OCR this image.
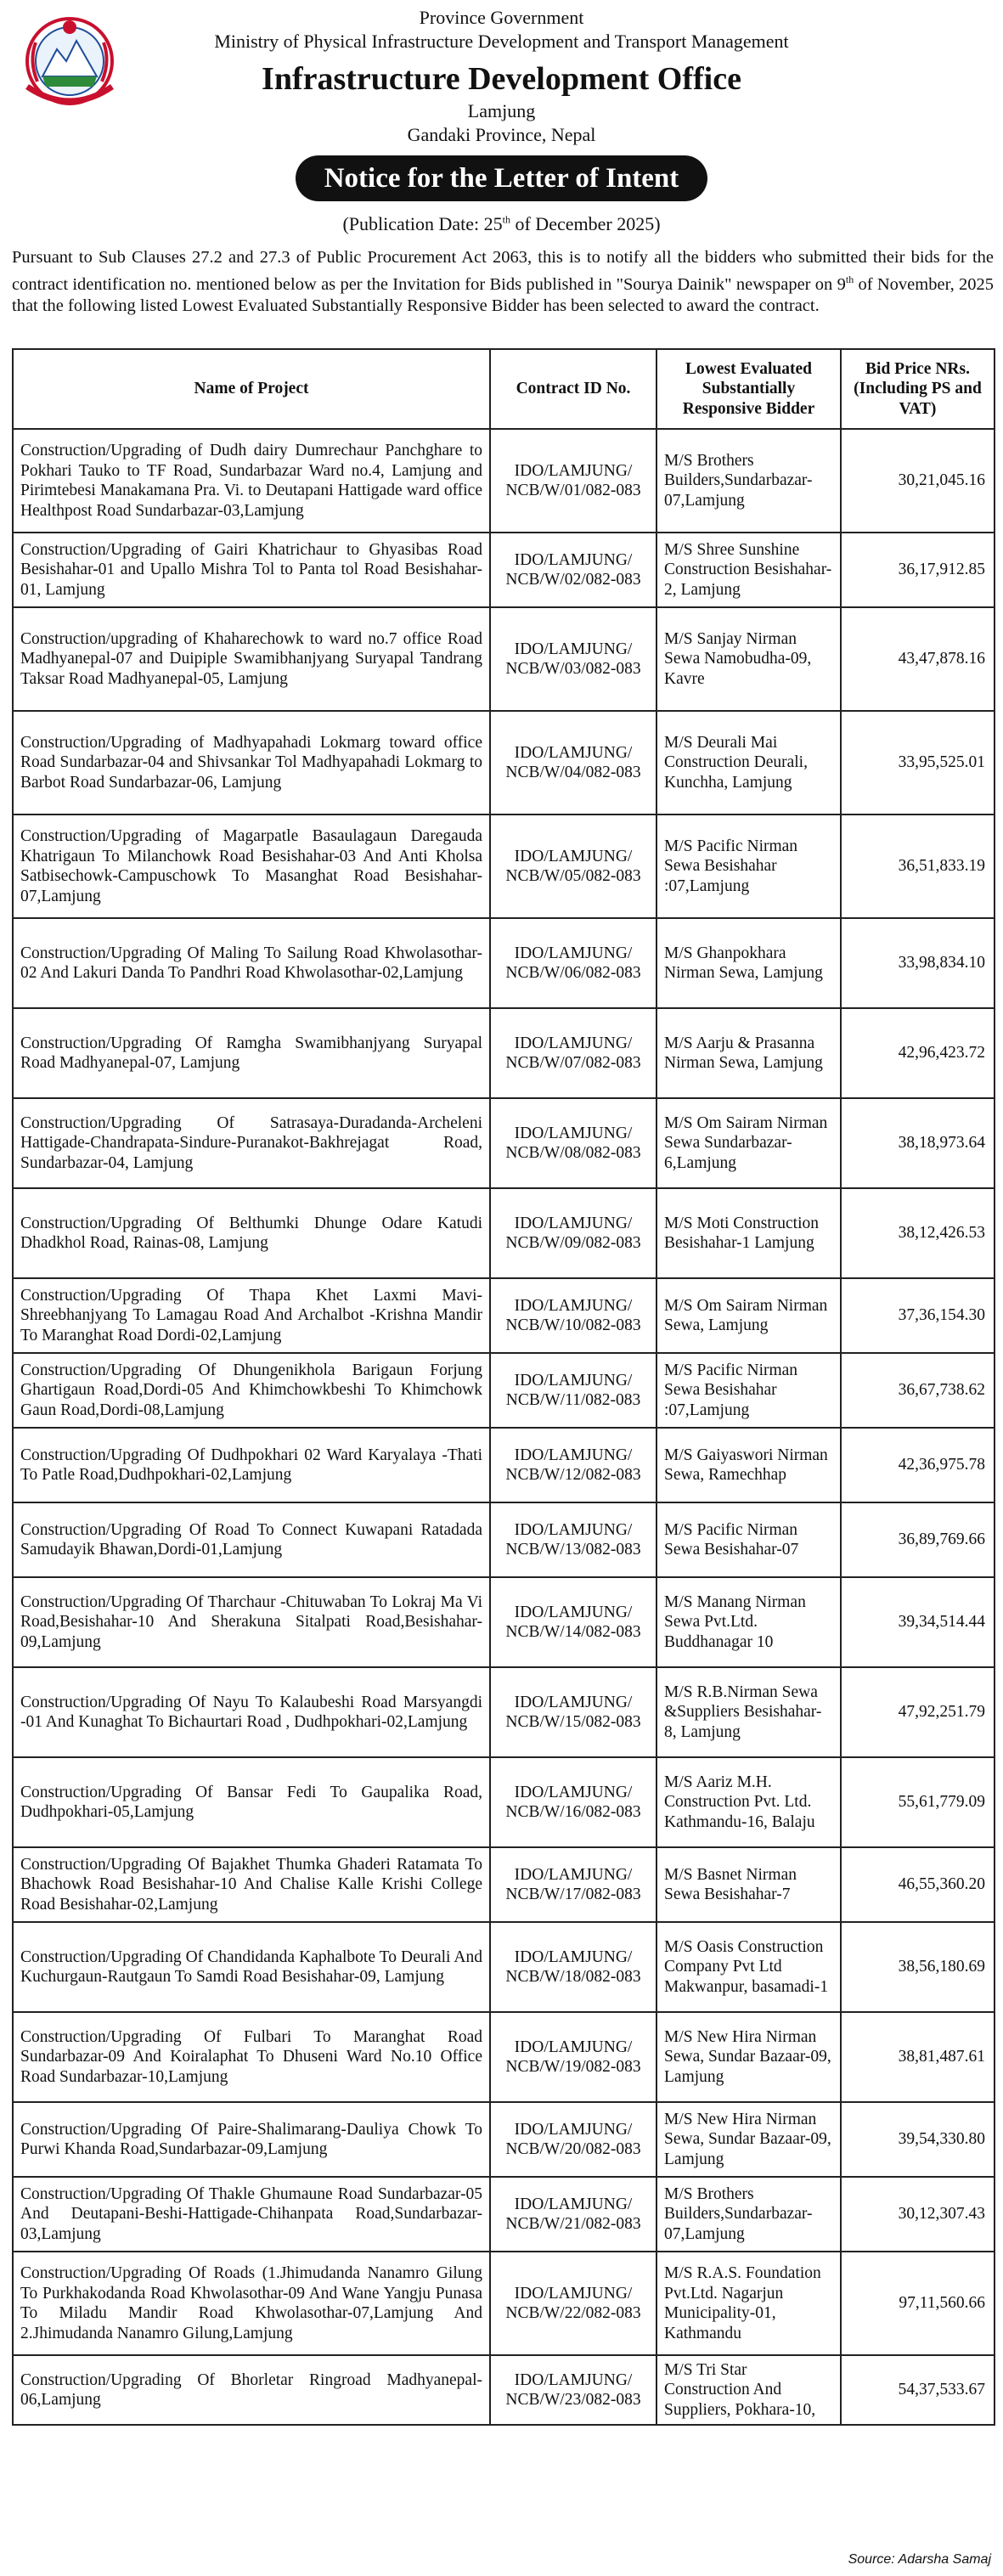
Province Government
Ministry of Physical Infrastructure Development and Transport Management
Infrastructure Development Office
Lamjung
Gandaki Province, Nepal
Notice for the Letter of Intent
(Publication Date: 25th of December 2025)
Pursuant to Sub Clauses 27.2 and 27.3 of Public Procurement Act 2063, this is to notify all the bidders who submitted their bids for the contract identification no. mentioned below as per the Invitation for Bids published in "Sourya Dainik" newspaper on 9th of November, 2025 that the following listed Lowest Evaluated Substantially Responsive Bidder has been selected to award the contract.
Name of Project	Contract ID No.	Lowest Evaluated Substantially Responsive Bidder	Bid Price NRs. (Including PS and VAT)
Construction/Upgrading of Dudh dairy Dumrechaur Panchghare to Pokhari Tauko to TF Road, Sundarbazar Ward no.4, Lamjung and Pirimtebesi Manakamana Pra. Vi. to Deutapani Hattigade ward office Healthpost Road Sundarbazar-03,Lamjung	IDO/LAMJUNG/ NCB/W/01/082-083	M/S Brothers Builders,Sundarbazar-07,Lamjung	30,21,045.16
Construction/Upgrading of Gairi Khatrichaur to Ghyasibas Road Besishahar-01 and Upallo Mishra Tol to Panta tol Road Besishahar-01, Lamjung	IDO/LAMJUNG/ NCB/W/02/082-083	M/S Shree Sunshine Construction Besishahar-2, Lamjung	36,17,912.85
Construction/upgrading of Khaharechowk to ward no.7 office Road Madhyanepal-07 and Duipiple Swamibhanjyang Suryapal Tandrang Taksar Road Madhyanepal-05, Lamjung	IDO/LAMJUNG/ NCB/W/03/082-083	M/S Sanjay Nirman Sewa Namobudha-09, Kavre	43,47,878.16
Construction/Upgrading of Madhyapahadi Lokmarg toward office Road Sundarbazar-04 and Shivsankar Tol Madhyapahadi Lokmarg to Barbot Road Sundarbazar-06, Lamjung	IDO/LAMJUNG/ NCB/W/04/082-083	M/S Deurali Mai Construction Deurali, Kunchha, Lamjung	33,95,525.01
Construction/Upgrading of Magarpatle Basaulagaun Daregauda Khatrigaun To Milanchowk Road Besishahar-03 And Anti Kholsa Satbisechowk-Campuschowk To Masanghat Road Besishahar-07,Lamjung	IDO/LAMJUNG/ NCB/W/05/082-083	M/S Pacific Nirman Sewa Besishahar :07,Lamjung	36,51,833.19
Construction/Upgrading Of Maling To Sailung Road Khwolasothar-02 And Lakuri Danda To Pandhri Road Khwolasothar-02,Lamjung	IDO/LAMJUNG/ NCB/W/06/082-083	M/S Ghanpokhara Nirman Sewa, Lamjung	33,98,834.10
Construction/Upgrading Of Ramgha Swamibhanjyang Suryapal Road Madhyanepal-07, Lamjung	IDO/LAMJUNG/ NCB/W/07/082-083	M/S Aarju & Prasanna Nirman Sewa, Lamjung	42,96,423.72
Construction/Upgrading Of Satrasaya-Duradanda-Archeleni Hattigade-Chandrapata-Sindure-Puranakot-Bakhrejagat Road, Sundarbazar-04, Lamjung	IDO/LAMJUNG/ NCB/W/08/082-083	M/S Om Sairam Nirman Sewa Sundarbazar-6,Lamjung	38,18,973.64
Construction/Upgrading Of Belthumki Dhunge Odare Katudi Dhadkhol Road, Rainas-08, Lamjung	IDO/LAMJUNG/ NCB/W/09/082-083	M/S Moti Construction Besishahar-1 Lamjung	38,12,426.53
Construction/Upgrading Of Thapa Khet Laxmi Mavi-Shreebhanjyang To Lamagau Road And Archalbot -Krishna Mandir To Maranghat Road Dordi-02,Lamjung	IDO/LAMJUNG/ NCB/W/10/082-083	M/S Om Sairam Nirman Sewa, Lamjung	37,36,154.30
Construction/Upgrading Of Dhungenikhola Barigaun Forjung Ghartigaun Road,Dordi-05 And Khimchowkbeshi To Khimchowk Gaun Road,Dordi-08,Lamjung	IDO/LAMJUNG/ NCB/W/11/082-083	M/S Pacific Nirman Sewa Besishahar :07,Lamjung	36,67,738.62
Construction/Upgrading Of Dudhpokhari 02 Ward Karyalaya -Thati To Patle Road,Dudhpokhari-02,Lamjung	IDO/LAMJUNG/ NCB/W/12/082-083	M/S Gaiyaswori Nirman Sewa, Ramechhap	42,36,975.78
Construction/Upgrading Of Road To Connect Kuwapani Ratadada Samudayik Bhawan,Dordi-01,Lamjung	IDO/LAMJUNG/ NCB/W/13/082-083	M/S Pacific Nirman Sewa Besishahar-07	36,89,769.66
Construction/Upgrading Of Tharchaur -Chituwaban To Lokraj Ma Vi Road,Besishahar-10 And Sherakuna Sitalpati Road,Besishahar-09,Lamjung	IDO/LAMJUNG/ NCB/W/14/082-083	M/S Manang Nirman Sewa Pvt.Ltd. Buddhanagar 10	39,34,514.44
Construction/Upgrading Of Nayu To Kalaubeshi Road Marsyangdi -01 And Kunaghat To Bichaurtari Road , Dudhpokhari-02,Lamjung	IDO/LAMJUNG/ NCB/W/15/082-083	M/S R.B.Nirman Sewa &Suppliers Besishahar-8, Lamjung	47,92,251.79
Construction/Upgrading Of Bansar Fedi To Gaupalika Road, Dudhpokhari-05,Lamjung	IDO/LAMJUNG/ NCB/W/16/082-083	M/S Aariz M.H. Construction Pvt. Ltd. Kathmandu-16, Balaju	55,61,779.09
Construction/Upgrading Of Bajakhet Thumka Ghaderi Ratamata To Bhachowk Road Besishahar-10 And Chalise Kalle Krishi College Road Besishahar-02,Lamjung	IDO/LAMJUNG/ NCB/W/17/082-083	M/S Basnet Nirman Sewa Besishahar-7	46,55,360.20
Construction/Upgrading Of Chandidanda Kaphalbote To Deurali And Kuchurgaun-Rautgaun To Samdi Road Besishahar-09, Lamjung	IDO/LAMJUNG/ NCB/W/18/082-083	M/S Oasis Construction Company Pvt Ltd Makwanpur, basamadi-1	38,56,180.69
Construction/Upgrading Of Fulbari To Maranghat Road Sundarbazar-09 And Koiralaphat To Dhuseni Ward No.10 Office Road Sundarbazar-10,Lamjung	IDO/LAMJUNG/ NCB/W/19/082-083	M/S New Hira Nirman Sewa, Sundar Bazaar-09, Lamjung	38,81,487.61
Construction/Upgrading Of Paire-Shalimarang-Dauliya Chowk To Purwi Khanda Road,Sundarbazar-09,Lamjung	IDO/LAMJUNG/ NCB/W/20/082-083	M/S New Hira Nirman Sewa, Sundar Bazaar-09, Lamjung	39,54,330.80
Construction/Upgrading Of Thakle Ghumaune Road Sundarbazar-05 And Deutapani-Beshi-Hattigade-Chihanpata Road,Sundarbazar-03,Lamjung	IDO/LAMJUNG/ NCB/W/21/082-083	M/S Brothers Builders,Sundarbazar-07,Lamjung	30,12,307.43
Construction/Upgrading Of Roads (1.Jhimudanda Nanamro Gilung To Purkhakodanda Road Khwolasothar-09 And Wane Yangju Punasa To Miladu Mandir Road Khwolasothar-07,Lamjung And 2.Jhimudanda Nanamro Gilung,Lamjung	IDO/LAMJUNG/ NCB/W/22/082-083	M/S R.A.S. Foundation Pvt.Ltd. Nagarjun Municipality-01, Kathmandu	97,11,560.66
Construction/Upgrading Of Bhorletar Ringroad Madhyanepal-06,Lamjung	IDO/LAMJUNG/ NCB/W/23/082-083	M/S Tri Star Construction And Suppliers, Pokhara-10,	54,37,533.67
Source: Adarsha Samaj
